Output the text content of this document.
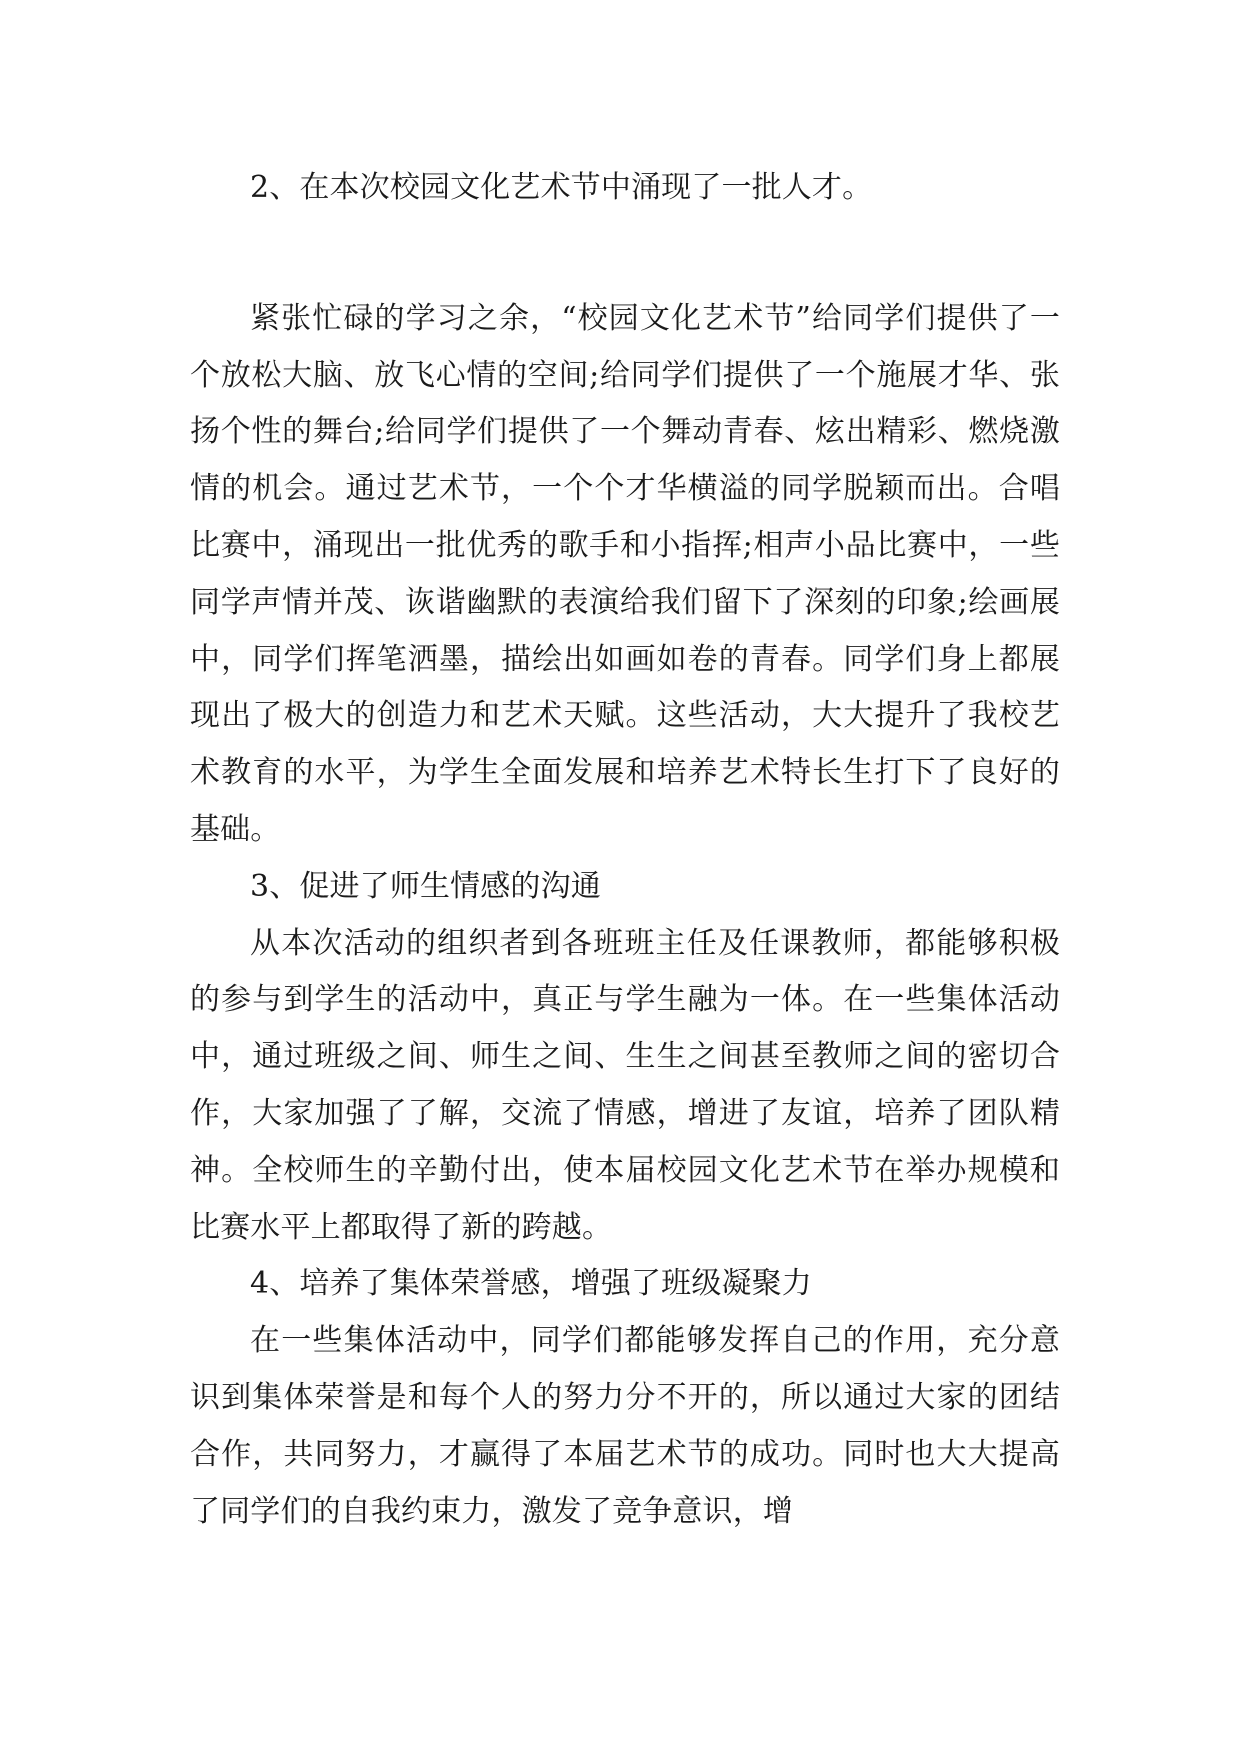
2、在本次校园文化艺术节中涌现了一批人才。

紧张忙碌的学习之余，“校园文化艺术节”给同学们提供了一个放松大脑、放飞心情的空间;给同学们提供了一个施展才华、张扬个性的舞台;给同学们提供了一个舞动青春、炫出精彩、燃烧激情的机会。通过艺术节，一个个才华横溢的同学脱颖而出。合唱比赛中，涌现出一批优秀的歌手和小指挥;相声小品比赛中，一些同学声情并茂、诙谐幽默的表演给我们留下了深刻的印象;绘画展中，同学们挥笔洒墨，描绘出如画如卷的青春。同学们身上都展现出了极大的创造力和艺术天赋。这些活动，大大提升了我校艺术教育的水平，为学生全面发展和培养艺术特长生打下了良好的基础。

3、促进了师生情感的沟通

从本次活动的组织者到各班班主任及任课教师，都能够积极的参与到学生的活动中，真正与学生融为一体。在一些集体活动中，通过班级之间、师生之间、生生之间甚至教师之间的密切合作，大家加强了了解，交流了情感，增进了友谊，培养了团队精神。全校师生的辛勤付出，使本届校园文化艺术节在举办规模和比赛水平上都取得了新的跨越。

4、培养了集体荣誉感，增强了班级凝聚力

在一些集体活动中，同学们都能够发挥自己的作用，充分意识到集体荣誉是和每个人的努力分不开的，所以通过大家的团结合作，共同努力，才赢得了本届艺术节的成功。同时也大大提高了同学们的自我约束力，激发了竞争意识，增
